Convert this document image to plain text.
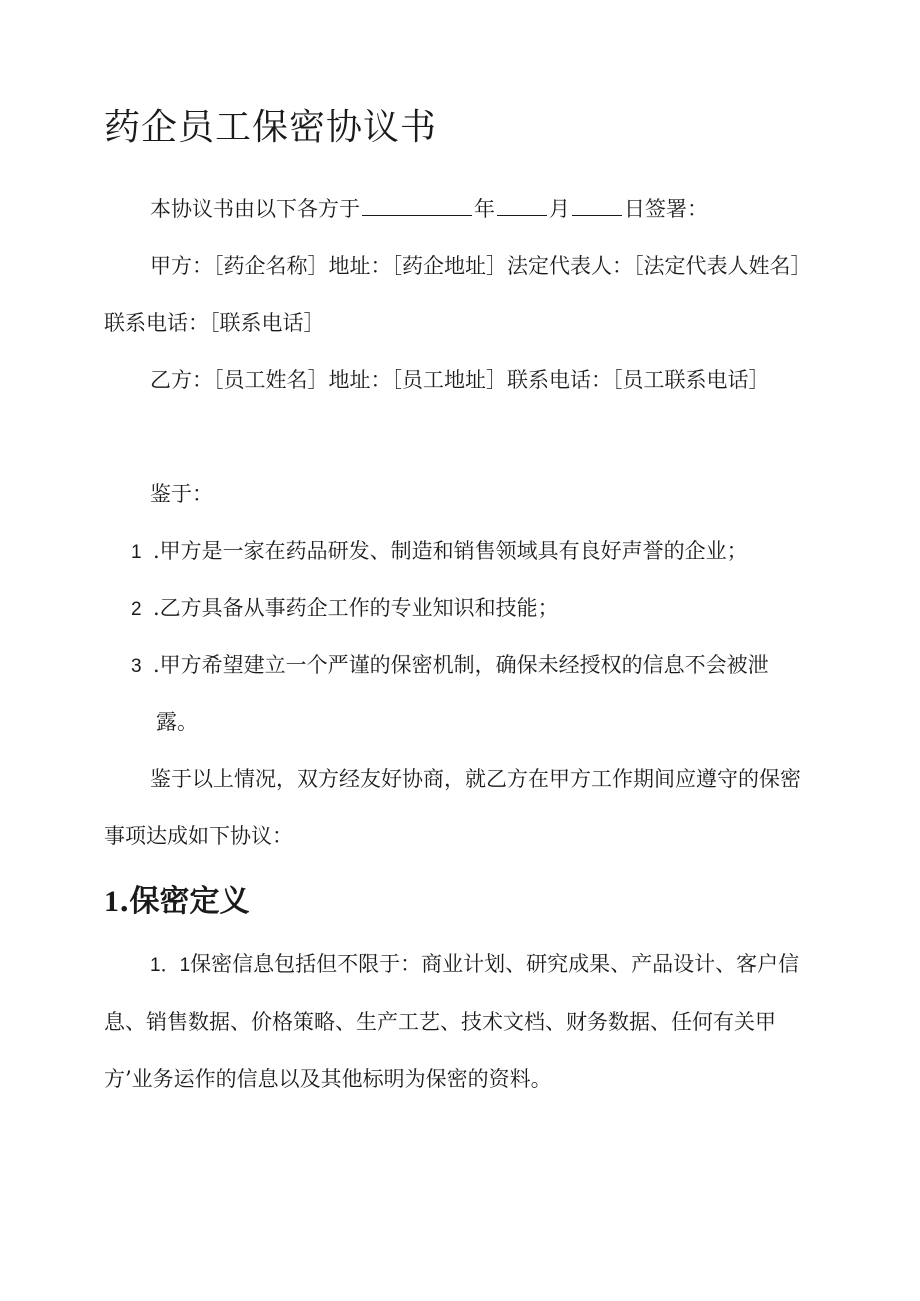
药企员工保密协议书

本协议书由以下各方于	年	月	日签署：

甲方：［药企名称］地址：［药企地址］法定代表人：［法定代表人姓名］联系电话：［联系电话］

乙方：［员工姓名］地址：［员工地址］联系电话：［员工联系电话］

鉴于：

1 .甲方是一家在药品研发、制造和销售领域具有良好声誉的企业；

2 .乙方具备从事药企工作的专业知识和技能；

3 .甲方希望建立一个严谨的保密机制，确保未经授权的信息不会被泄

露。

鉴于以上情况，双方经友好协商，就乙方在甲方工作期间应遵守的保密事项达成如下协议：

1.保密定义

1．1保密信息包括但不限于：商业计划、研究成果、产品设计、客户信息、销售数据、价格策略、生产工艺、技术文档、财务数据、任何有关甲方’业务运作的信息以及其他标明为保密的资料。
